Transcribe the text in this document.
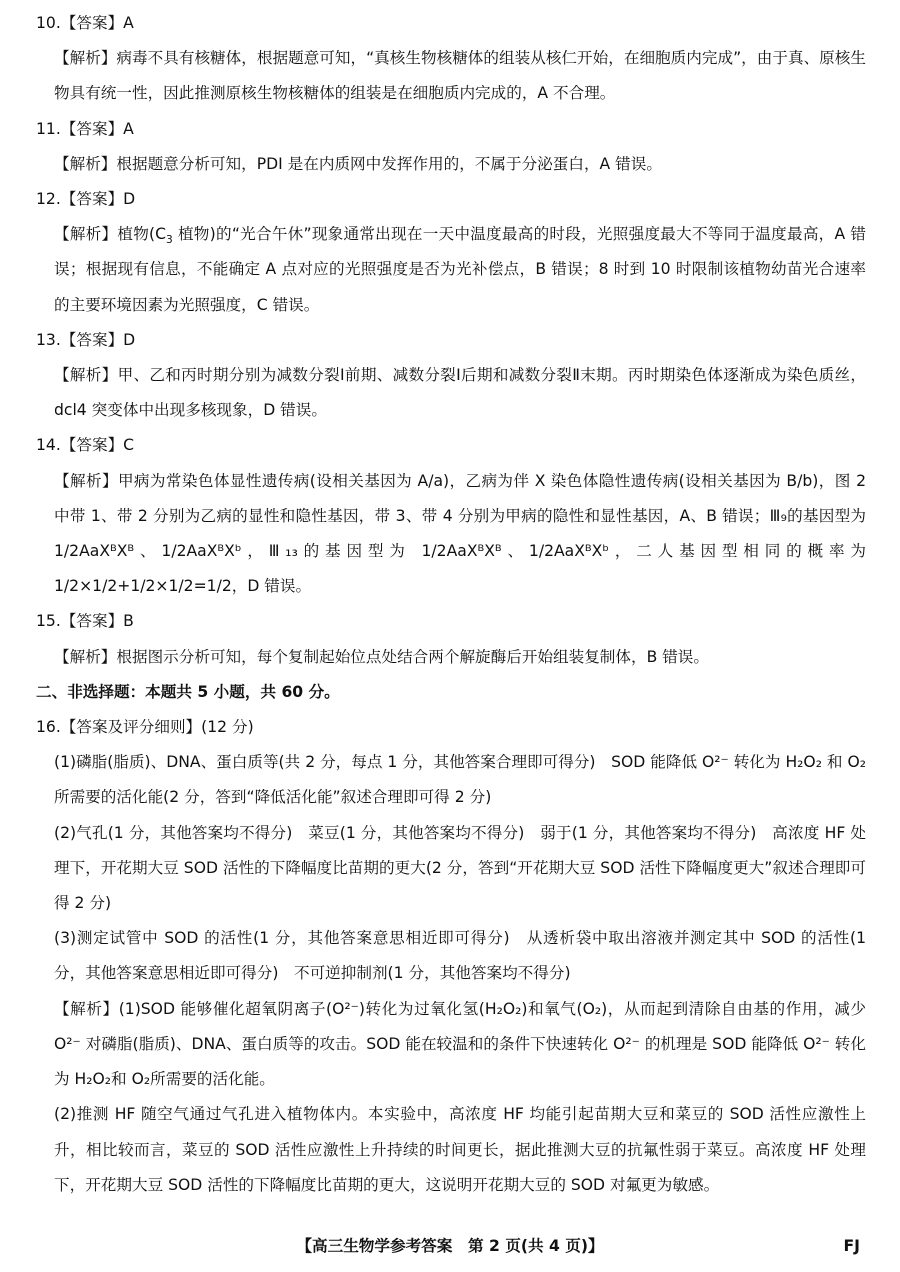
10.【答案】A
【解析】病毒不具有核糖体，根据题意可知，“真核生物核糖体的组装从核仁开始，在细胞质内完成”，由于真、原核生物具有统一性，因此推测原核生物核糖体的组装是在细胞质内完成的，A 不合理。
11.【答案】A
【解析】根据题意分析可知，PDI 是在内质网中发挥作用的，不属于分泌蛋白，A 错误。
12.【答案】D
【解析】植物($C_3$ 植物)的“光合午休”现象通常出现在一天中温度最高的时段，光照强度最大不等同于温度最高，A 错误；根据现有信息，不能确定 A 点对应的光照强度是否为光补偿点，B 错误；8 时到 10 时限制该植物幼苗光合速率的主要环境因素为光照强度，C 错误。
13.【答案】D
【解析】甲、乙和丙时期分别为减数分裂Ⅰ前期、减数分裂Ⅰ后期和减数分裂Ⅱ末期。丙时期染色体逐渐成为染色质丝，dcl4 突变体中出现多核现象，D 错误。
14.【答案】C
【解析】甲病为常染色体显性遗传病(设相关基因为 A/a)，乙病为伴 X 染色体隐性遗传病(设相关基因为 B/b)，图 2 中带 1、带 2 分别为乙病的显性和隐性基因，带 3、带 4 分别为甲病的隐性和显性基因，A、B 错误；Ⅲ₉的基因型为 1/2AaXᴮXᴮ、1/2AaXᴮXᵇ，Ⅲ₁₃的基因型为 1/2AaXᴮXᴮ、1/2AaXᴮXᵇ，二人基因型相同的概率为 1/2×1/2+1/2×1/2=1/2，D 错误。
15.【答案】B
【解析】根据图示分析可知，每个复制起始位点处结合两个解旋酶后开始组装复制体，B 错误。
二、非选择题：本题共 5 小题，共 60 分。
16.【答案及评分细则】(12 分)
(1)磷脂(脂质)、DNA、蛋白质等(共 2 分，每点 1 分，其他答案合理即可得分)　SOD 能降低 O²⁻ 转化为 H₂O₂ 和 O₂所需要的活化能(2 分，答到“降低活化能”叙述合理即可得 2 分)
(2)气孔(1 分，其他答案均不得分)　菜豆(1 分，其他答案均不得分)　弱于(1 分，其他答案均不得分)　高浓度 HF 处理下，开花期大豆 SOD 活性的下降幅度比苗期的更大(2 分，答到“开花期大豆 SOD 活性下降幅度更大”叙述合理即可得 2 分)
(3)测定试管中 SOD 的活性(1 分，其他答案意思相近即可得分)　从透析袋中取出溶液并测定其中 SOD 的活性(1 分，其他答案意思相近即可得分)　不可逆抑制剂(1 分，其他答案均不得分)
【解析】(1)SOD 能够催化超氧阴离子(O²⁻)转化为过氧化氢(H₂O₂)和氧气(O₂)，从而起到清除自由基的作用，减少 O²⁻ 对磷脂(脂质)、DNA、蛋白质等的攻击。SOD 能在较温和的条件下快速转化 O²⁻ 的机理是 SOD 能降低 O²⁻ 转化为 H₂O₂和 O₂所需要的活化能。
(2)推测 HF 随空气通过气孔进入植物体内。本实验中，高浓度 HF 均能引起苗期大豆和菜豆的 SOD 活性应激性上升，相比较而言，菜豆的 SOD 活性应激性上升持续的时间更长，据此推测大豆的抗氟性弱于菜豆。高浓度 HF 处理下，开花期大豆 SOD 活性的下降幅度比苗期的更大，这说明开花期大豆的 SOD 对氟更为敏感。
【高三生物学参考答案　第 2 页(共 4 页)】	FJ
